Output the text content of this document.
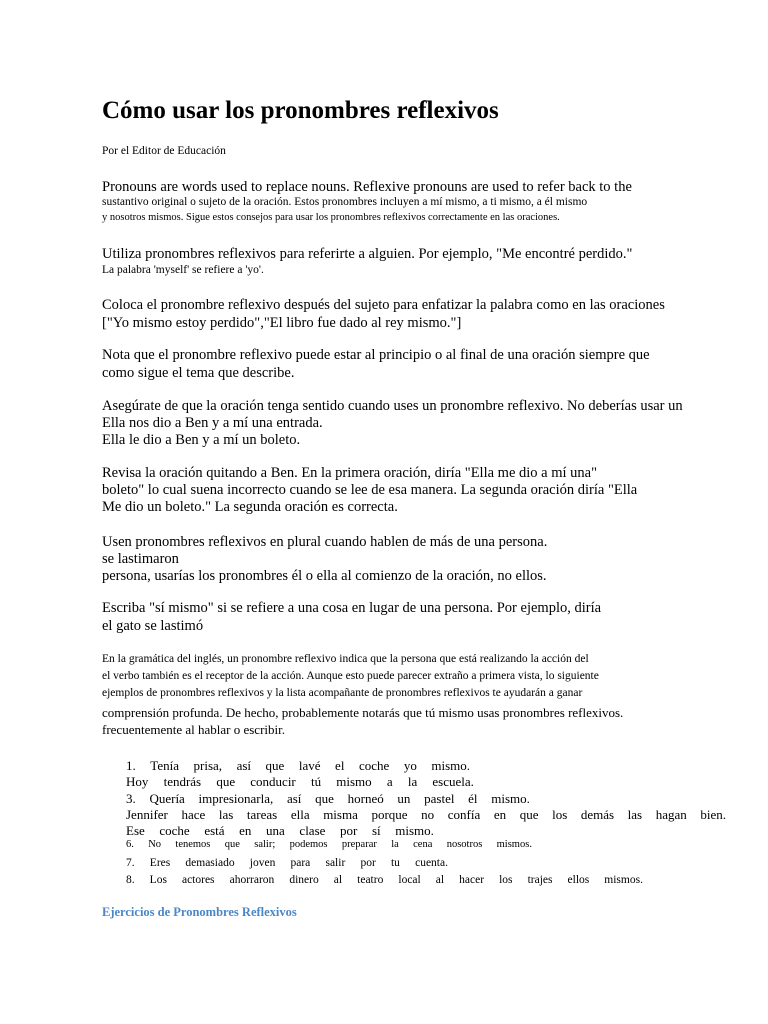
Cómo usar los pronombres reflexivos
Por el Editor de Educación
Pronouns are words used to replace nouns. Reflexive pronouns are used to refer back to the
sustantivo original o sujeto de la oración. Estos pronombres incluyen a mí mismo, a ti mismo, a él mismo
y nosotros mismos. Sigue estos consejos para usar los pronombres reflexivos correctamente en las oraciones.
Utiliza pronombres reflexivos para referirte a alguien. Por ejemplo, "Me encontré perdido."
La palabra 'myself' se refiere a 'yo'.
Coloca el pronombre reflexivo después del sujeto para enfatizar la palabra como en las oraciones
["Yo mismo estoy perdido","El libro fue dado al rey mismo."]
Nota que el pronombre reflexivo puede estar al principio o al final de una oración siempre que
como sigue el tema que describe.
Asegúrate de que la oración tenga sentido cuando uses un pronombre reflexivo. No deberías usar un
Ella nos dio a Ben y a mí una entrada.
Ella le dio a Ben y a mí un boleto.
Revisa la oración quitando a Ben. En la primera oración, diría "Ella me dio a mí una"
boleto" lo cual suena incorrecto cuando se lee de esa manera. La segunda oración diría "Ella
Me dio un boleto." La segunda oración es correcta.
Usen pronombres reflexivos en plural cuando hablen de más de una persona.
se lastimaron
persona, usarías los pronombres él o ella al comienzo de la oración, no ellos.
Escriba "sí mismo" si se refiere a una cosa en lugar de una persona. Por ejemplo, diría
el gato se lastimó
En la gramática del inglés, un pronombre reflexivo indica que la persona que está realizando la acción del
el verbo también es el receptor de la acción. Aunque esto puede parecer extraño a primera vista, lo siguiente
ejemplos de pronombres reflexivos y la lista acompañante de pronombres reflexivos te ayudarán a ganar
comprensión profunda. De hecho, probablemente notarás que tú mismo usas pronombres reflexivos.
frecuentemente al hablar o escribir.
1. Tenía prisa, así que lavé el coche yo mismo.
Hoy tendrás que conducir tú mismo a la escuela.
3. Quería impresionarla, así que horneó un pastel él mismo.
Jennifer hace las tareas ella misma porque no confía en que los demás las hagan bien.
Ese coche está en una clase por sí mismo.
6. No tenemos que salir; podemos preparar la cena nosotros mismos.
7. Eres demasiado joven para salir por tu cuenta.
8. Los actores ahorraron dinero al teatro local al hacer los trajes ellos mismos.
Ejercicios de Pronombres Reflexivos
